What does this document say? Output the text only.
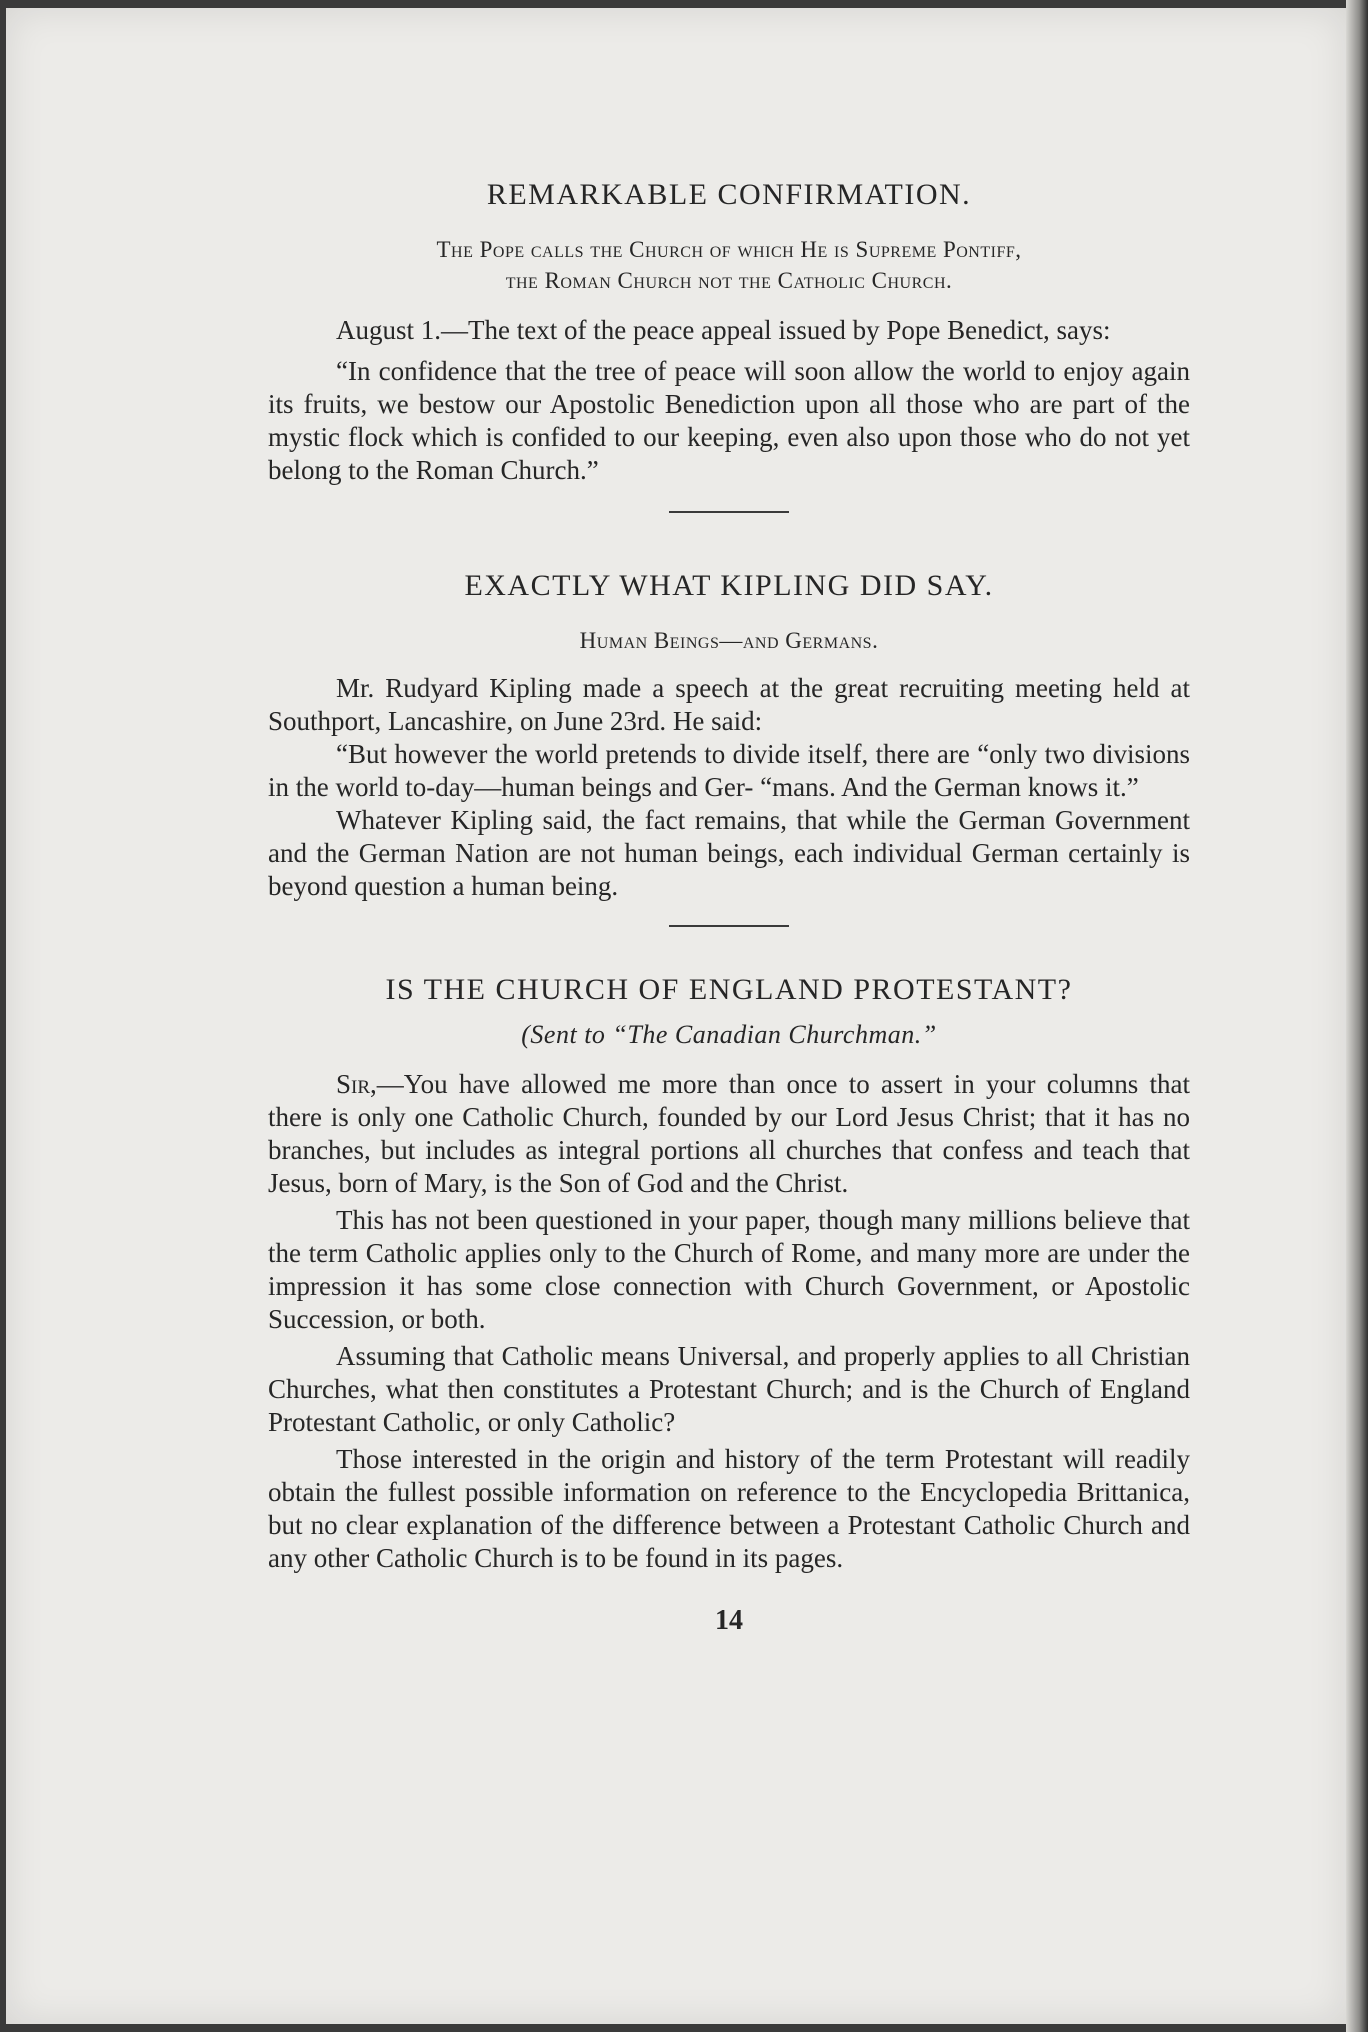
REMARKABLE CONFIRMATION.
The Pope calls the Church of which He is Supreme Pontiff,
the Roman Church not the Catholic Church.

August 1.—The text of the peace appeal issued by Pope Benedict, says:

“In confidence that the tree of peace will soon allow the world to enjoy again its fruits, we bestow our Apostolic Benediction upon all those who are part of the mystic flock which is confided to our keeping, even also upon those who do not yet belong to the Roman Church.”

EXACTLY WHAT KIPLING DID SAY.
Human Beings—and Germans.

Mr. Rudyard Kipling made a speech at the great recruiting meeting held at Southport, Lancashire, on June 23rd. He said:

“But however the world pretends to divide itself, there are “only two divisions in the world to-day—human beings and Ger- “mans. And the German knows it.”

Whatever Kipling said, the fact remains, that while the German Government and the German Nation are not human beings, each individual German certainly is beyond question a human being.

IS THE CHURCH OF ENGLAND PROTESTANT?
(Sent to “The Canadian Churchman.”

Sir,—You have allowed me more than once to assert in your columns that there is only one Catholic Church, founded by our Lord Jesus Christ; that it has no branches, but includes as integral portions all churches that confess and teach that Jesus, born of Mary, is the Son of God and the Christ.

This has not been questioned in your paper, though many millions believe that the term Catholic applies only to the Church of Rome, and many more are under the impression it has some close connection with Church Government, or Apostolic Succession, or both.

Assuming that Catholic means Universal, and properly applies to all Christian Churches, what then constitutes a Protestant Church; and is the Church of England Protestant Catholic, or only Catholic?

Those interested in the origin and history of the term Protestant will readily obtain the fullest possible information on reference to the Encyclopedia Brittanica, but no clear explanation of the difference between a Protestant Catholic Church and any other Catholic Church is to be found in its pages.

14
